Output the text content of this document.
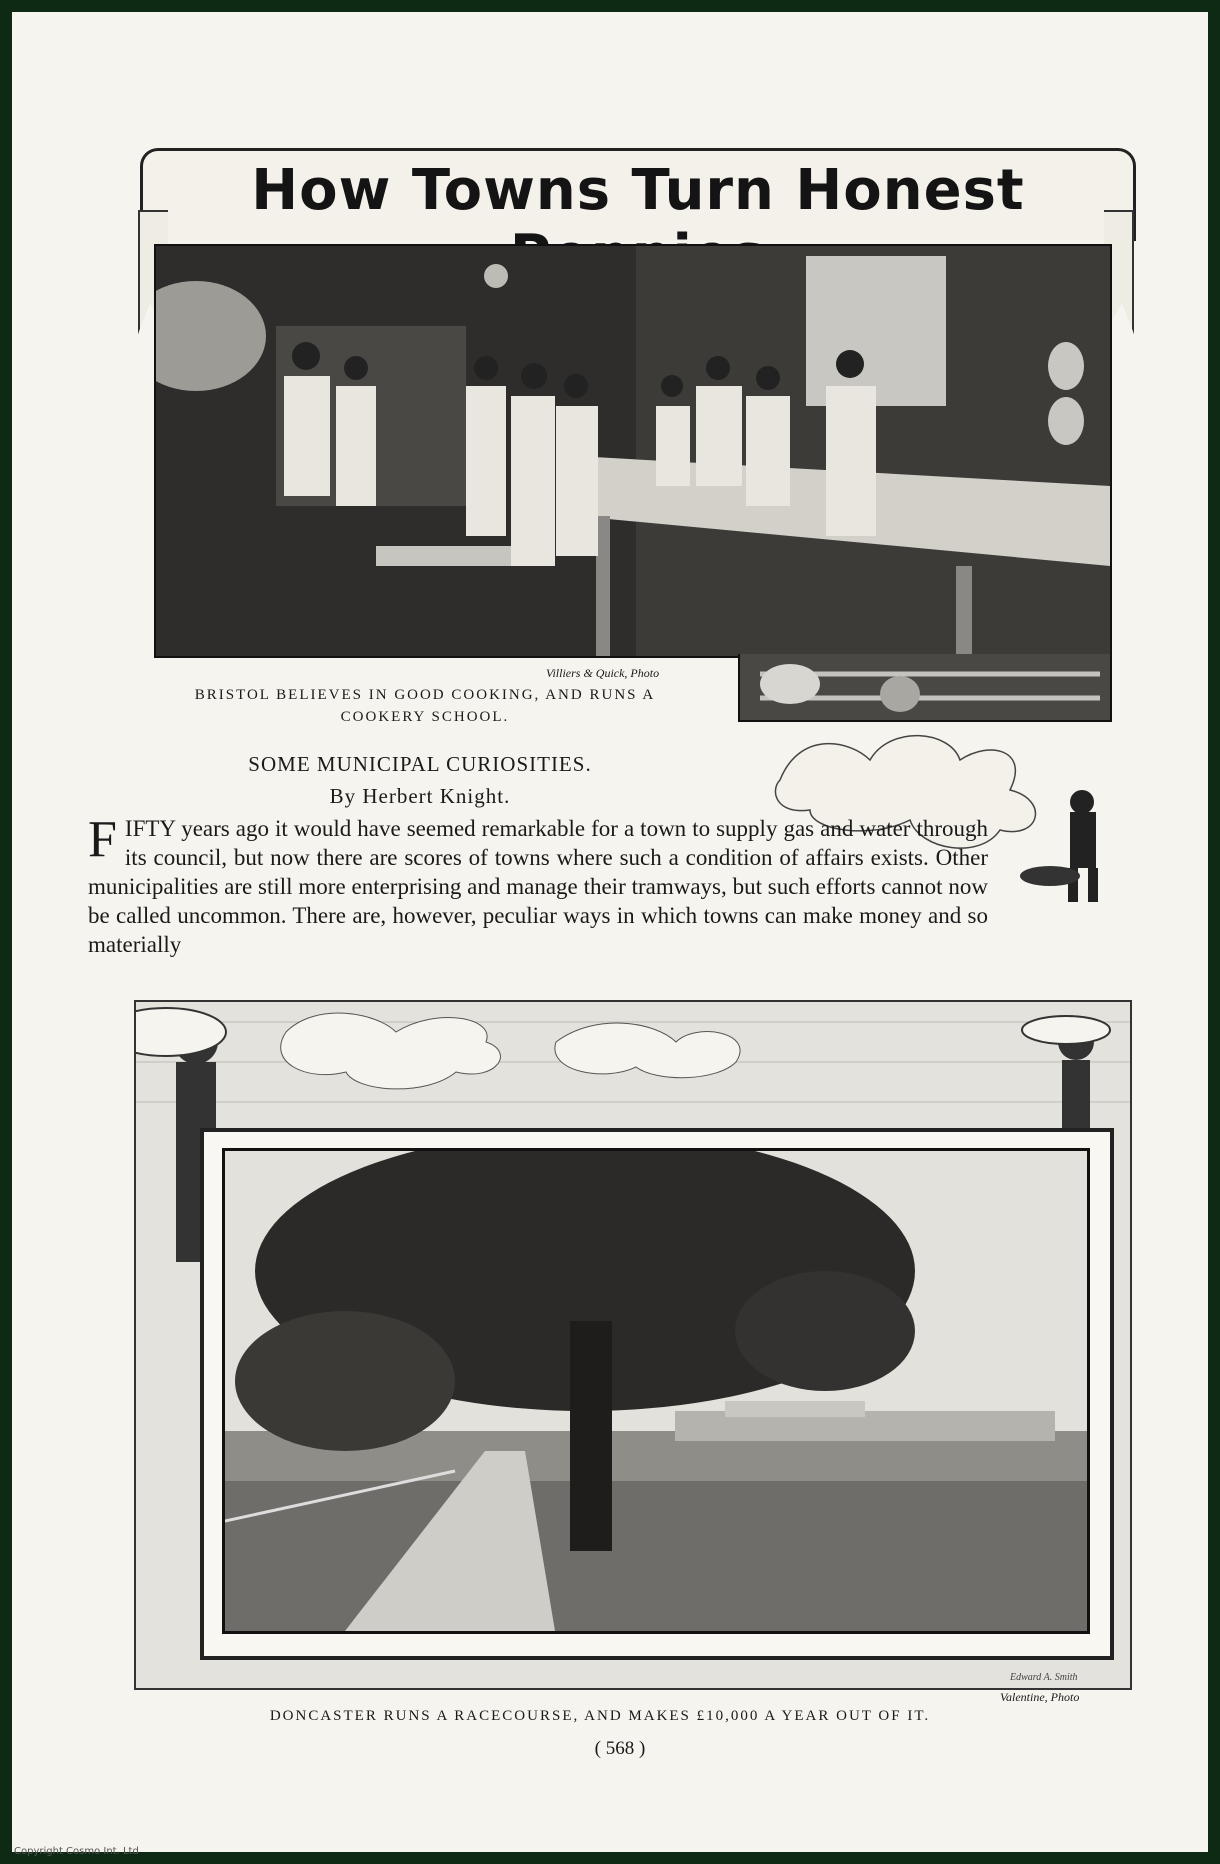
How Towns Turn Honest
Villiers & Quick, Photo
BRISTOL BELIEVES IN GOOD COOKING, AND RUNS A COOKERY SCHOOL.
SOME MUNICIPAL CURIOSITIES.
By Herbert Knight.
F IFTY years ago it would have seemed remarkable for a town to supply gas and water through its council, but now there are scores of towns where such a condition of affairs exists. Other municipalities are still more enterprising and manage their tramways, but such efforts cannot now be called uncommon. There are, however, peculiar ways in which towns can make money and so materially
Valentine, Photo
Edward A. Smith
DONCASTER RUNS A RACECOURSE, AND MAKES £10,000 A YEAR OUT OF IT.
( 568 )
Copyright Cosmo Int. Ltd
